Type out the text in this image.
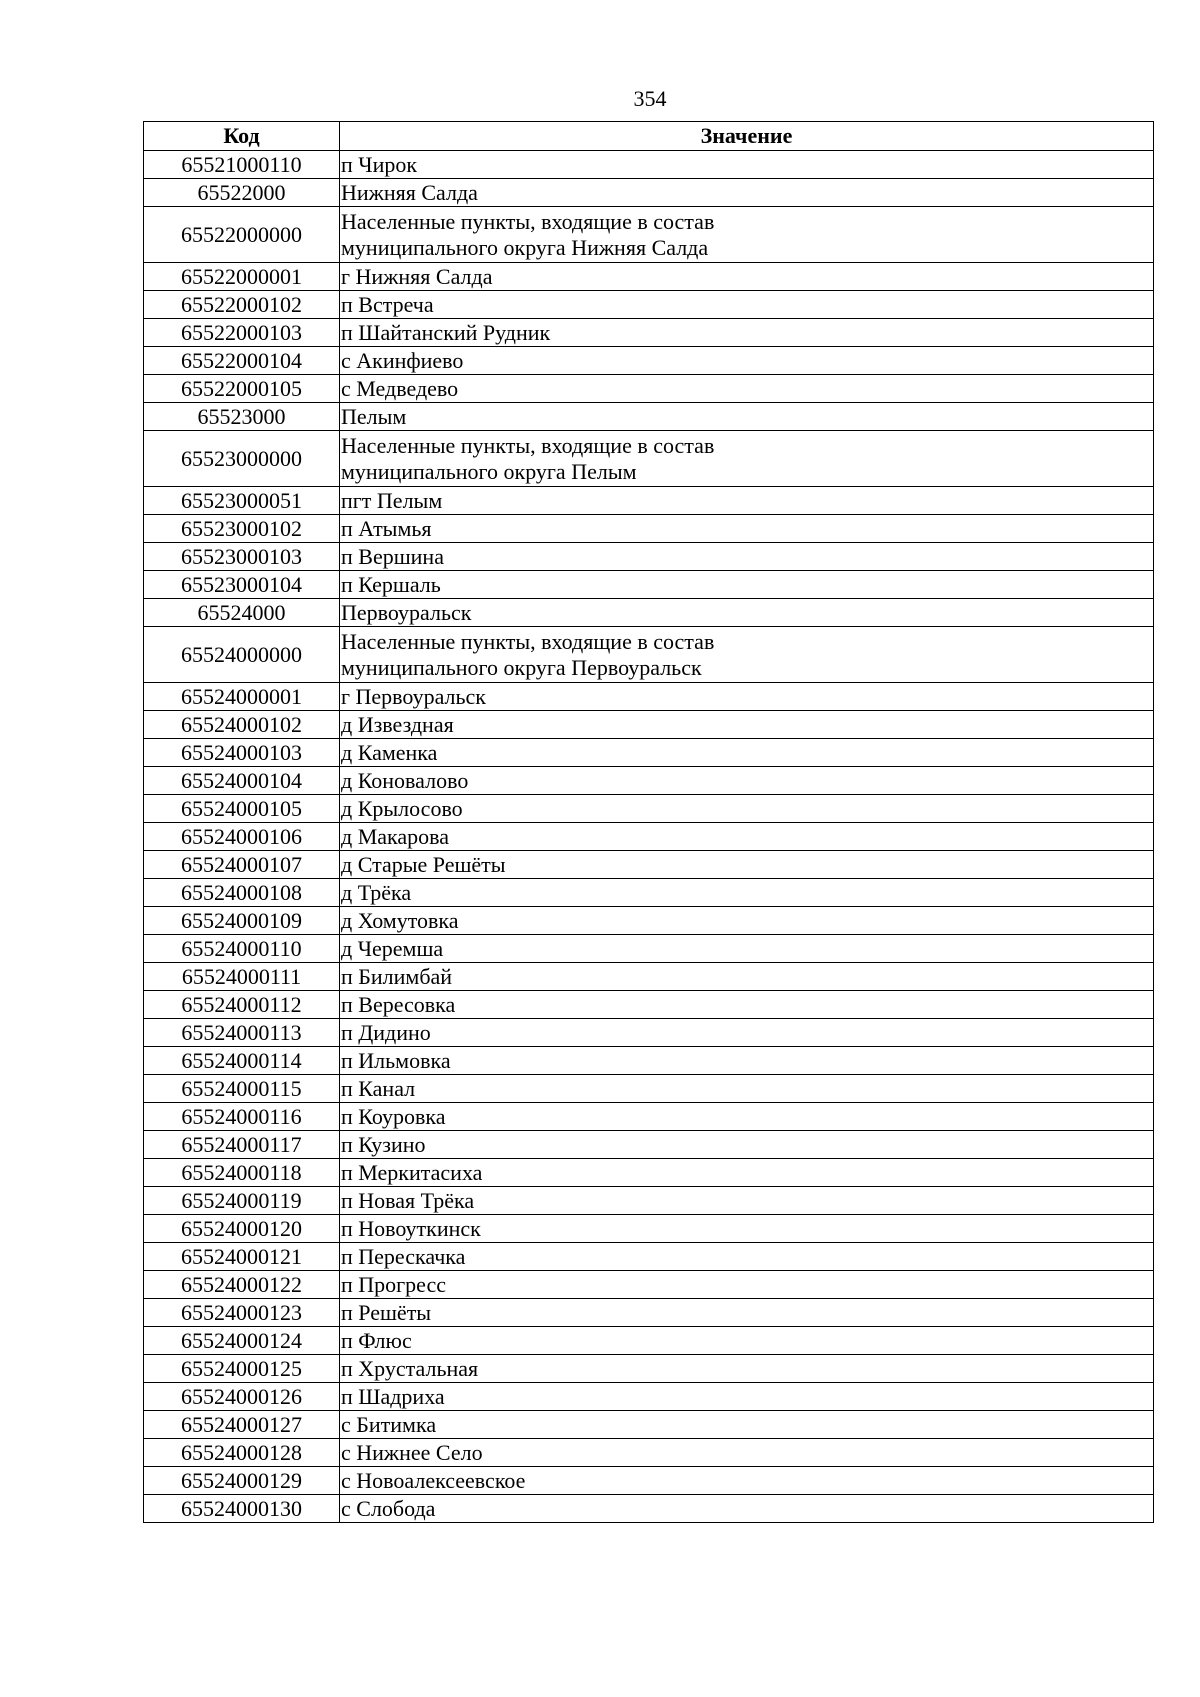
354
Код	Значение
65521000110	п Чирок
65522000	Нижняя Салда
65522000000	Населенные пункты, входящие в состав
муниципального округа Нижняя Салда
65522000001	г Нижняя Салда
65522000102	п Встреча
65522000103	п Шайтанский Рудник
65522000104	с Акинфиево
65522000105	с Медведево
65523000	Пелым
65523000000	Населенные пункты, входящие в состав
муниципального округа Пелым
65523000051	пгт Пелым
65523000102	п Атымья
65523000103	п Вершина
65523000104	п Кершаль
65524000	Первоуральск
65524000000	Населенные пункты, входящие в состав
муниципального округа Первоуральск
65524000001	г Первоуральск
65524000102	д Извездная
65524000103	д Каменка
65524000104	д Коновалово
65524000105	д Крылосово
65524000106	д Макарова
65524000107	д Старые Решёты
65524000108	д Трёка
65524000109	д Хомутовка
65524000110	д Черемша
65524000111	п Билимбай
65524000112	п Вересовка
65524000113	п Дидино
65524000114	п Ильмовка
65524000115	п Канал
65524000116	п Коуровка
65524000117	п Кузино
65524000118	п Меркитасиха
65524000119	п Новая Трёка
65524000120	п Новоуткинск
65524000121	п Перескачка
65524000122	п Прогресс
65524000123	п Решёты
65524000124	п Флюс
65524000125	п Хрустальная
65524000126	п Шадриха
65524000127	с Битимка
65524000128	с Нижнее Село
65524000129	с Новоалексеевское
65524000130	с Слобода
